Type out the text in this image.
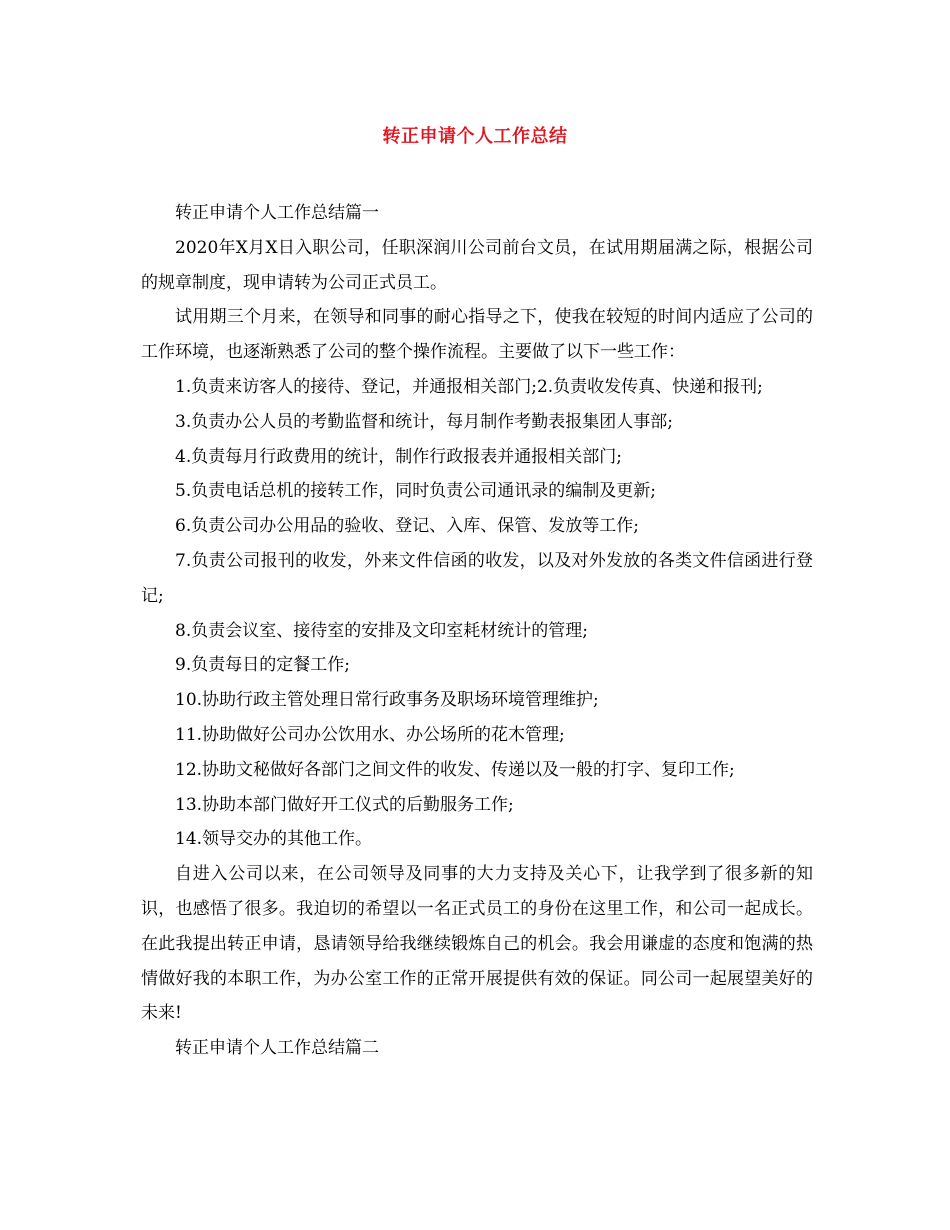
转正申请个人工作总结

转正申请个人工作总结篇一

2020年X月X日入职公司，任职深润川公司前台文员，在试用期届满之际，根据公司的规章制度，现申请转为公司正式员工。

试用期三个月来，在领导和同事的耐心指导之下，使我在较短的时间内适应了公司的工作环境，也逐渐熟悉了公司的整个操作流程。主要做了以下一些工作：

1.负责来访客人的接待、登记，并通报相关部门;2.负责收发传真、快递和报刊;

3.负责办公人员的考勤监督和统计，每月制作考勤表报集团人事部;

4.负责每月行政费用的统计，制作行政报表并通报相关部门;

5.负责电话总机的接转工作，同时负责公司通讯录的编制及更新;

6.负责公司办公用品的验收、登记、入库、保管、发放等工作;

7.负责公司报刊的收发，外来文件信函的收发，以及对外发放的各类文件信函进行登记;

8.负责会议室、接待室的安排及文印室耗材统计的管理;

9.负责每日的定餐工作;

10.协助行政主管处理日常行政事务及职场环境管理维护;

11.协助做好公司办公饮用水、办公场所的花木管理;

12.协助文秘做好各部门之间文件的收发、传递以及一般的打字、复印工作;

13.协助本部门做好开工仪式的后勤服务工作;

14.领导交办的其他工作。

自进入公司以来，在公司领导及同事的大力支持及关心下，让我学到了很多新的知识，也感悟了很多。我迫切的希望以一名正式员工的身份在这里工作，和公司一起成长。在此我提出转正申请，恳请领导给我继续锻炼自己的机会。我会用谦虚的态度和饱满的热情做好我的本职工作，为办公室工作的正常开展提供有效的保证。同公司一起展望美好的未来!

转正申请个人工作总结篇二
